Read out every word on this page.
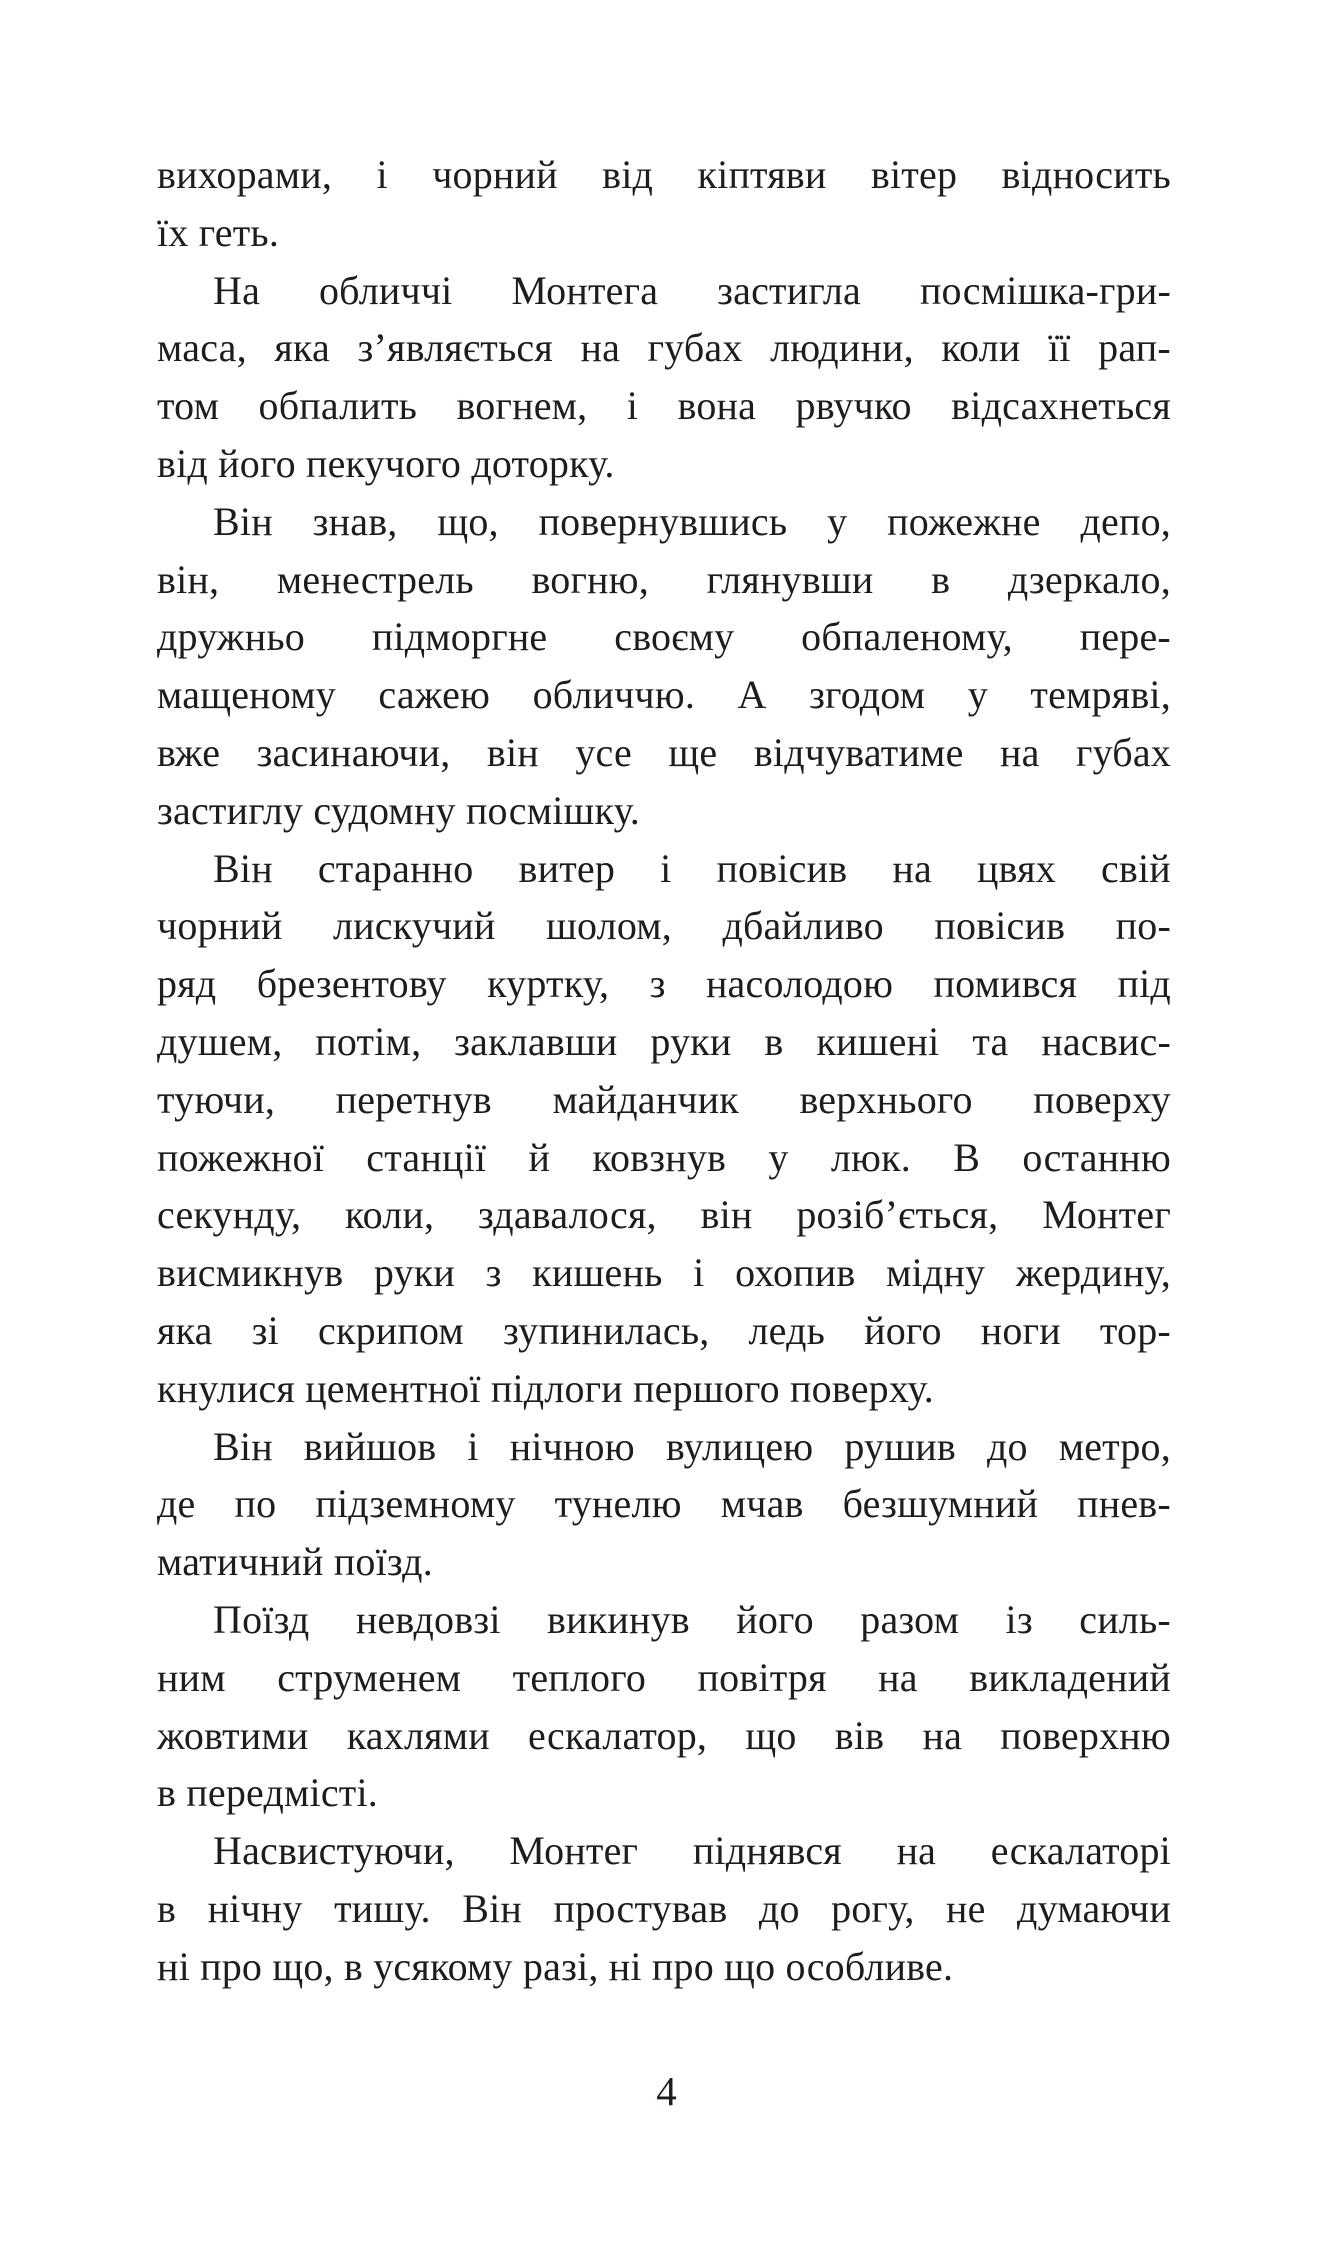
вихорами, і чорний від кіптяви вітер відносить
їх геть.
На обличчі Монтега застигла посмішка-гри-
маса, яка з’являється на губах людини, коли її рап-
том обпалить вогнем, і вона рвучко відсахнеться
від його пекучого доторку.
Він знав, що, повернувшись у пожежне депо,
він, менестрель вогню, глянувши в дзеркало,
дружньо підморгне своєму обпаленому, пере-
мащеному сажею обличчю. А згодом у темряві,
вже засинаючи, він усе ще відчуватиме на губах
застиглу судомну посмішку.
Він старанно витер і повісив на цвях свій
чорний лискучий шолом, дбайливо повісив по-
ряд брезентову куртку, з насолодою помився під
душем, потім, заклавши руки в кишені та насвис-
туючи, перетнув майданчик верхнього поверху
пожежної станції й ковзнув у люк. В останню
секунду, коли, здавалося, він розіб’ється, Монтег
висмикнув руки з кишень і охопив мідну жердину,
яка зі скрипом зупинилась, ледь його ноги тор-
кнулися цементної підлоги першого поверху.
Він вийшов і нічною вулицею рушив до метро,
де по підземному тунелю мчав безшумний пнев-
матичний поїзд.
Поїзд невдовзі викинув його разом із силь-
ним струменем теплого повітря на викладений
жовтими кахлями ескалатор, що вів на поверхню
в передмісті.
Насвистуючи, Монтег піднявся на ескалаторі
в нічну тишу. Він простував до рогу, не думаючи
ні про що, в усякому разі, ні про що особливе.
4
